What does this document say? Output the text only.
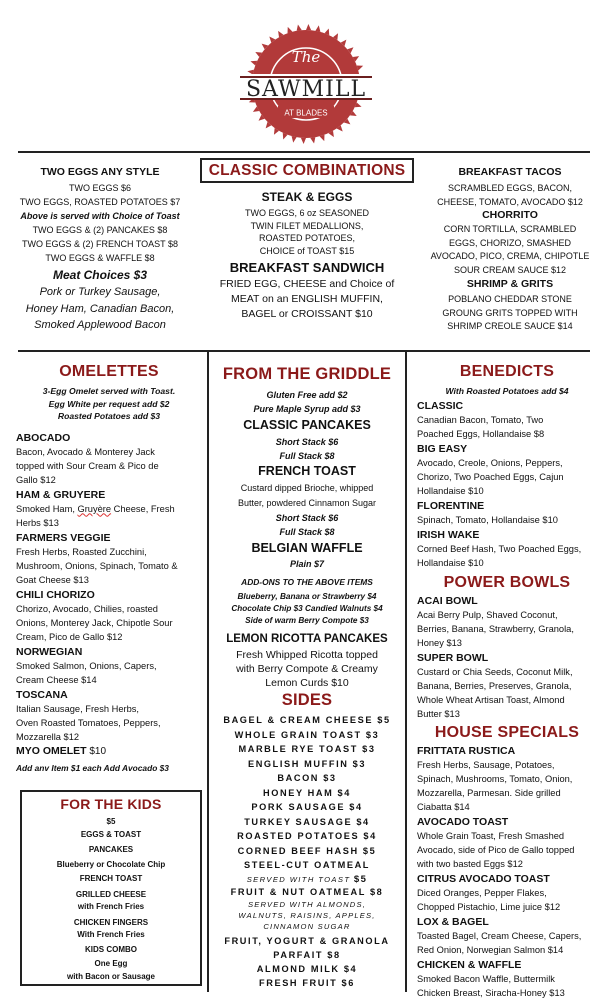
The
SAWMILL
AT BLADES
TWO EGGS ANY STYLE
TWO EGGS $6
TWO EGGS, ROASTED POTATOES $7
Above is served with Choice of Toast
TWO EGGS & (2) PANCAKES $8
TWO EGGS & (2) FRENCH TOAST $8
TWO EGGS & WAFFLE $8
Meat Choices $3
Pork or Turkey Sausage,
Honey Ham, Canadian Bacon,
Smoked Applewood Bacon
CLASSIC COMBINATIONS
STEAK & EGGS
TWO EGGS, 6 oz SEASONED
TWIN FILET MEDALLIONS,
ROASTED POTATOES,
CHOICE of TOAST $15
BREAKFAST SANDWICH
FRIED EGG, CHEESE and Choice of
MEAT on an ENGLISH MUFFIN,
BAGEL or CROISSANT $10
BREAKFAST TACOS
SCRAMBLED EGGS, BACON,
CHEESE, TOMATO, AVOCADO $12
CHORRITO
CORN TORTILLA, SCRAMBLED
EGGS, CHORIZO, SMASHED
AVOCADO, PICO, CREMA, CHIPOTLE
SOUR CREAM SAUCE $12
SHRIMP & GRITS
POBLANO CHEDDAR STONE
GROUNG GRITS TOPPED WITH
SHRIMP CREOLE SAUCE $14
OMELETTES
3-Egg Omelet served with Toast.
Egg White per request add $2
Roasted Potatoes add $3
ABOCADO
Bacon, Avocado & Monterey Jack
topped with Sour Cream & Pico de
Gallo $12
HAM & GRUYERE
Smoked Ham, Gruyère Cheese, Fresh
Herbs $13
FARMERS VEGGIE
Fresh Herbs, Roasted Zucchini,
Mushroom, Onions, Spinach, Tomato &
Goat Cheese $13
CHILI CHORIZO
Chorizo, Avocado, Chilies, roasted
Onions, Monterey Jack, Chipotle Sour
Cream, Pico de Gallo $12
NORWEGIAN
Smoked Salmon, Onions, Capers,
Cream Cheese $14
TOSCANA
Italian Sausage, Fresh Herbs,
Oven Roasted Tomatoes, Peppers,
Mozzarella $12
MYO OMELET $10
Add anv Item $1 each Add Avocado $3
FOR THE KIDS
$5
EGGS & TOAST
PANCAKES
Blueberry or Chocolate Chip
FRENCH TOAST
GRILLED CHEESE
with French Fries
CHICKEN FINGERS
With French Fries
KIDS COMBO
One Egg
with Bacon or Sausage
FROM THE GRIDDLE
Gluten Free add $2
Pure Maple Syrup add $3
CLASSIC PANCAKES
Short Stack $6
Full Stack $8
FRENCH TOAST
Custard dipped Brioche, whipped
Butter, powdered Cinnamon Sugar
Short Stack $6
Full Stack $8
BELGIAN WAFFLE
Plain $7
ADD-ONS TO THE ABOVE ITEMS
Blueberry, Banana or Strawberry $4
Chocolate Chip $3 Candied Walnuts $4
Side of warm Berry Compote $3
LEMON RICOTTA PANCAKES
Fresh Whipped Ricotta topped
with Berry Compote & Creamy
Lemon Curds $10
SIDES
BAGEL & CREAM CHEESE $5
WHOLE GRAIN TOAST $3
MARBLE RYE TOAST $3
ENGLISH MUFFIN $3
BACON $3
HONEY HAM $4
PORK SAUSAGE $4
TURKEY SAUSAGE $4
ROASTED POTATOES $4
CORNED BEEF HASH $5
STEEL-CUT OATMEAL
SERVED WITH TOAST $5
FRUIT & NUT OATMEAL $8
SERVED WITH ALMONDS,
WALNUTS, RAISINS, APPLES,
CINNAMON SUGAR
FRUIT, YOGURT & GRANOLA
PARFAIT $8
ALMOND MILK $4
FRESH FRUIT $6
BENEDICTS
With Roasted Potatoes add $4
CLASSIC
Canadian Bacon, Tomato, Two
Poached Eggs, Hollandaise $8
BIG EASY
Avocado, Creole, Onions, Peppers,
Chorizo, Two Poached Eggs, Cajun
Hollandaise $10
FLORENTINE
Spinach, Tomato, Hollandaise $10
IRISH WAKE
Corned Beef Hash, Two Poached Eggs,
Hollandaise $10
POWER BOWLS
ACAI BOWL
Acai Berry Pulp, Shaved Coconut,
Berries, Banana, Strawberry, Granola,
Honey $13
SUPER BOWL
Custard or Chia Seeds, Coconut Milk,
Banana, Berries, Preserves, Granola,
Whole Wheat Artisan Toast, Almond
Butter $13
HOUSE SPECIALS
FRITTATA RUSTICA
Fresh Herbs, Sausage, Potatoes,
Spinach, Mushrooms, Tomato, Onion,
Mozzarella, Parmesan. Side grilled
Ciabatta $14
AVOCADO TOAST
Whole Grain Toast, Fresh Smashed
Avocado, side of Pico de Gallo topped
with two basted Eggs $12
CITRUS AVOCADO TOAST
Diced Oranges, Pepper Flakes,
Chopped Pistachio, Lime juice $12
LOX & BAGEL
Toasted Bagel, Cream Cheese, Capers,
Red Onion, Norwegian Salmon $14
CHICKEN & WAFFLE
Smoked Bacon Waffle, Buttermilk
Chicken Breast, Siracha-Honey $13
